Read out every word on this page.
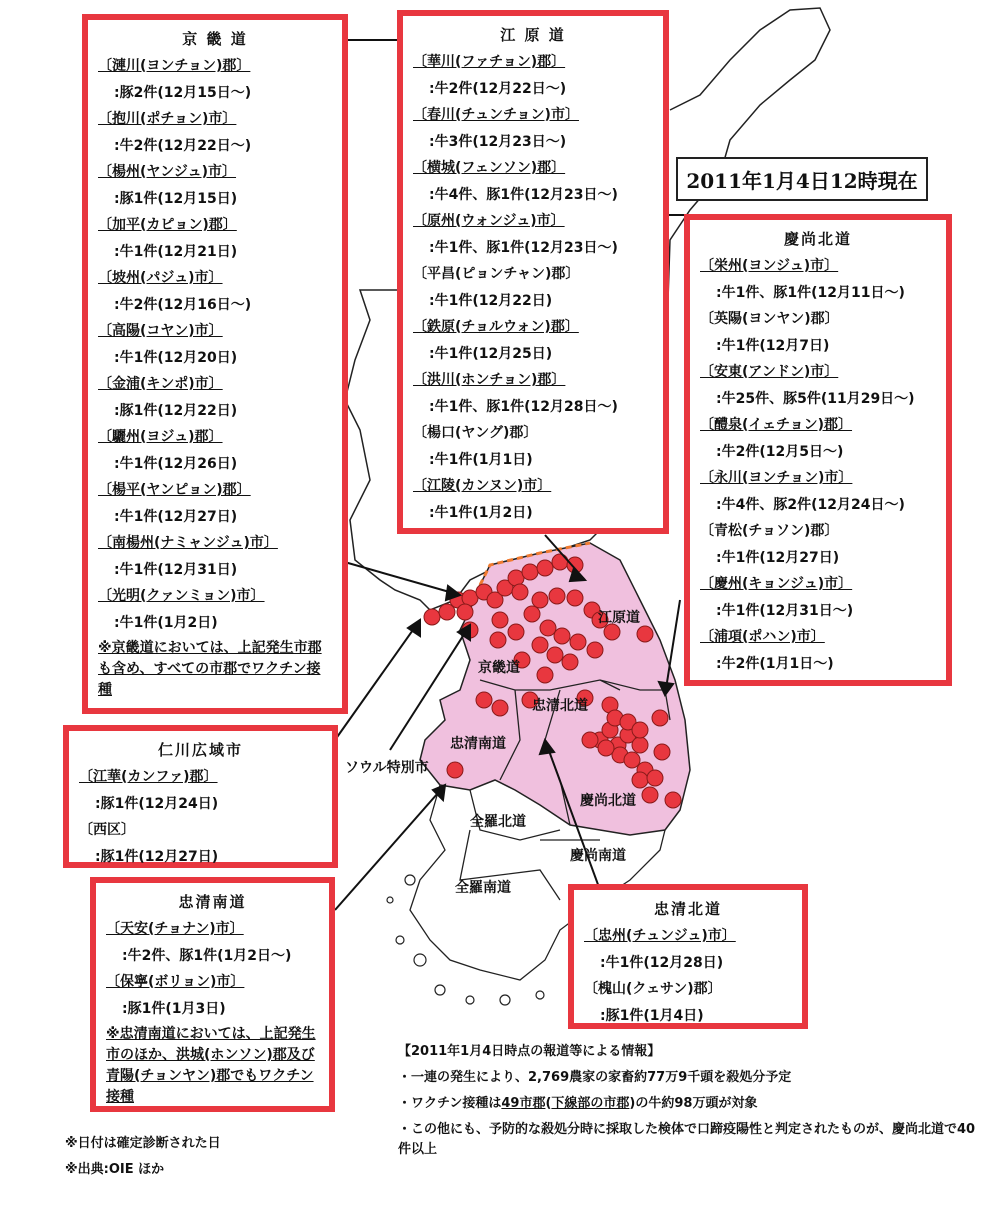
江原道
京畿道
忠清北道
忠清南道
ソウル特別市
慶尚北道
全羅北道
慶尚南道
全羅南道
京 畿 道
〔漣川(ヨンチョン)郡〕
:豚2件(12月15日〜)
〔抱川(ポチョン)市〕
:牛2件(12月22日〜)
〔楊州(ヤンジュ)市〕
:豚1件(12月15日)
〔加平(カピョン)郡〕
:牛1件(12月21日)
〔坡州(パジュ)市〕
:牛2件(12月16日〜)
〔高陽(コヤン)市〕
:牛1件(12月20日)
〔金浦(キンポ)市〕
:豚1件(12月22日)
〔驪州(ヨジュ)郡〕
:牛1件(12月26日)
〔楊平(ヤンピョン)郡〕
:牛1件(12月27日)
〔南楊州(ナミャンジュ)市〕
:牛1件(12月31日)
〔光明(クァンミョン)市〕
:牛1件(1月2日)
※京畿道においては、上記発生市郡も含め、すべての市郡でワクチン接種
江 原 道
〔華川(ファチョン)郡〕
:牛2件(12月22日〜)
〔春川(チュンチョン)市〕
:牛3件(12月23日〜)
〔横城(フェンソン)郡〕
:牛4件、豚1件(12月23日〜)
〔原州(ウォンジュ)市〕
:牛1件、豚1件(12月23日〜)
〔平昌(ピョンチャン)郡〕
:牛1件(12月22日)
〔鉄原(チョルウォン)郡〕
:牛1件(12月25日)
〔洪川(ホンチョン)郡〕
:牛1件、豚1件(12月28日〜)
〔楊口(ヤング)郡〕
:牛1件(1月1日)
〔江陵(カンヌン)市〕
:牛1件(1月2日)
2011年1月4日12時現在
慶尚北道
〔栄州(ヨンジュ)市〕
:牛1件、豚1件(12月11日〜)
〔英陽(ヨンヤン)郡〕
:牛1件(12月7日)
〔安東(アンドン)市〕
:牛25件、豚5件(11月29日〜)
〔醴泉(イェチョン)郡〕
:牛2件(12月5日〜)
〔永川(ヨンチョン)市〕
:牛4件、豚2件(12月24日〜)
〔青松(チョソン)郡〕
:牛1件(12月27日)
〔慶州(キョンジュ)市〕
:牛1件(12月31日〜)
〔浦項(ポハン)市〕
:牛2件(1月1日〜)
仁川広域市
〔江華(カンファ)郡〕
:豚1件(12月24日)
〔西区〕
:豚1件(12月27日)
忠清南道
〔天安(チョナン)市〕
:牛2件、豚1件(1月2日〜)
〔保寧(ボリョン)市〕
:豚1件(1月3日)
※忠清南道においては、上記発生市のほか、洪城(ホンソン)郡及び青陽(チョンヤン)郡でもワクチン接種
忠清北道
〔忠州(チュンジュ)市〕
:牛1件(12月28日)
〔槐山(クェサン)郡〕
:豚1件(1月4日)
【2011年1月4日時点の報道等による情報】
・一連の発生により、2,769農家の家畜約77万9千頭を殺処分予定
・ワクチン接種は49市郡(下線部の市郡)の牛約98万頭が対象
・この他にも、予防的な殺処分時に採取した検体で口蹄疫陽性と判定されたものが、慶尚北道で40件以上
※日付は確定診断された日
※出典:OIE ほか
